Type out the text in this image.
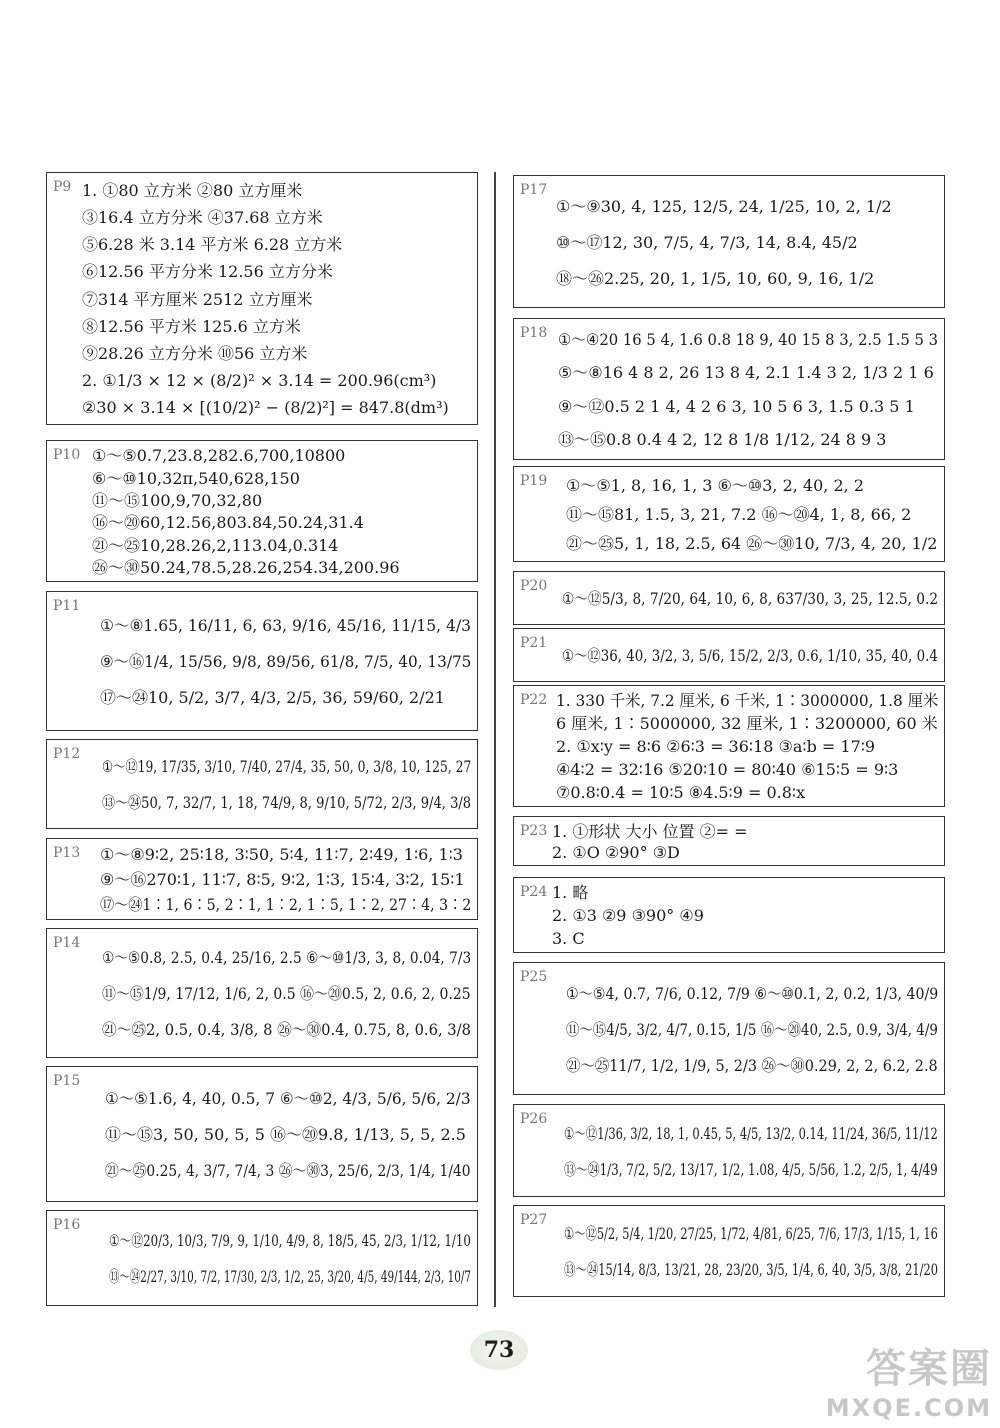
P9 1. ①80 立方米 ②80 立方厘米
③16.4 立方分米 ④37.68 立方米
⑤6.28 米 3.14 平方米 6.28 立方米
⑥12.56 平方分米 12.56 立方分米
⑦314 平方厘米 2512 立方厘米
⑧12.56 平方米 125.6 立方米
⑨28.26 立方分米 ⑩56 立方米
2. ①1/3 × 12 × (8/2)² × 3.14 = 200.96(cm³)
②30 × 3.14 × [(10/2)² − (8/2)²] = 847.8(dm³)
P10 ①～⑤0.7,23.8,282.6,700,10800
⑥～⑩10,32π,540,628,150
⑪～⑮100,9,70,32,80
⑯～⑳60,12.56,803.84,50.24,31.4
㉑～㉕10,28.26,2,113.04,0.314
㉖～㉚50.24,78.5,28.26,254.34,200.96
P11
①～⑧1.65, 16/11, 6, 63, 9/16, 45/16, 11/15, 4/3
⑨～⑯1/4, 15/56, 9/8, 89/56, 61/8, 7/5, 40, 13/75
⑰～㉔10, 5/2, 3/7, 4/3, 2/5, 36, 59/60, 2/21
P12
①～⑫19, 17/35, 3/10, 7/40, 27/4, 35, 50, 0, 3/8, 10, 125, 27
⑬～㉔50, 7, 32/7, 1, 18, 74/9, 8, 9/10, 5/72, 2/3, 9/4, 3/8
P13 ①～⑧9∶2, 25∶18, 3∶50, 5∶4, 11∶7, 2∶49, 1∶6, 1∶3
⑨～⑯270∶1, 11∶7, 8∶5, 9∶2, 1∶3, 15∶4, 3∶2, 15∶1
⑰～㉔1∶1, 6∶5, 2∶1, 1∶2, 1∶5, 1∶2, 27∶4, 3∶2
P14
①～⑤0.8, 2.5, 0.4, 25/16, 2.5 ⑥～⑩1/3, 3, 8, 0.04, 7/3
⑪～⑮1/9, 17/12, 1/6, 2, 0.5 ⑯～⑳0.5, 2, 0.6, 2, 0.25
㉑～㉕2, 0.5, 0.4, 3/8, 8 ㉖～㉚0.4, 0.75, 8, 0.6, 3/8
P15
①～⑤1.6, 4, 40, 0.5, 7 ⑥～⑩2, 4/3, 5/6, 5/6, 2/3
⑪～⑮3, 50, 50, 5, 5 ⑯～⑳9.8, 1/13, 5, 5, 2.5
㉑～㉕0.25, 4, 3/7, 7/4, 3 ㉖～㉚3, 25/6, 2/3, 1/4, 1/40
P16
①～⑫20/3, 10/3, 7/9, 9, 1/10, 4/9, 8, 18/5, 45, 2/3, 1/12, 1/10
⑬～㉔2/27, 3/10, 7/2, 17/30, 2/3, 1/2, 25, 3/20, 4/5, 49/144, 2/3, 10/7
P17
①～⑨30, 4, 125, 12/5, 24, 1/25, 10, 2, 1/2
⑩～⑰12, 30, 7/5, 4, 7/3, 14, 8.4, 45/2
⑱～㉖2.25, 20, 1, 1/5, 10, 60, 9, 16, 1/2
P18 ①～④20 16 5 4, 1.6 0.8 18 9, 40 15 8 3, 2.5 1.5 5 3
⑤～⑧16 4 8 2, 26 13 8 4, 2.1 1.4 3 2, 1/3 2 1 6
⑨～⑫0.5 2 1 4, 4 2 6 3, 10 5 6 3, 1.5 0.3 5 1
⑬～⑮0.8 0.4 4 2, 12 8 1/8 1/12, 24 8 9 3
P19 ①～⑤1, 8, 16, 1, 3 ⑥～⑩3, 2, 40, 2, 2
⑪～⑮81, 1.5, 3, 21, 7.2 ⑯～⑳4, 1, 8, 66, 2
㉑～㉕5, 1, 18, 2.5, 64 ㉖～㉚10, 7/3, 4, 20, 1/2
P20
①～⑫5/3, 8, 7/20, 64, 10, 6, 8, 637/30, 3, 25, 12.5, 0.2
P21
①～⑫36, 40, 3/2, 3, 5/6, 15/2, 2/3, 0.6, 1/10, 35, 40, 0.4
P22 1. 330 千米, 7.2 厘米, 6 千米, 1∶3000000, 1.8 厘米
6 厘米, 1∶5000000, 32 厘米, 1∶3200000, 60 米
2. ①x∶y = 8∶6 ②6∶3 = 36∶18 ③a∶b = 17∶9
④4∶2 = 32∶16 ⑤20∶10 = 80∶40 ⑥15∶5 = 9∶3
⑦0.8∶0.4 = 10∶5 ⑧4.5∶9 = 0.8∶x
P23 1. ①形状 大小 位置 ②= =
2. ①O ②90° ③D
P24 1. 略
2. ①3 ②9 ③90° ④9
3. C
P25
①～⑤4, 0.7, 7/6, 0.12, 7/9 ⑥～⑩0.1, 2, 0.2, 1/3, 40/9
⑪～⑮4/5, 3/2, 4/7, 0.15, 1/5 ⑯～⑳40, 2.5, 0.9, 3/4, 4/9
㉑～㉕11/7, 1/2, 1/9, 5, 2/3 ㉖～㉚0.29, 2, 2, 6.2, 2.8
P26
①～⑫1/36, 3/2, 18, 1, 0.45, 5, 4/5, 13/2, 0.14, 11/24, 36/5, 11/12
⑬～㉔1/3, 7/2, 5/2, 13/17, 1/2, 1.08, 4/5, 5/56, 1.2, 2/5, 1, 4/49
P27
①～⑫5/2, 5/4, 1/20, 27/25, 1/72, 4/81, 6/25, 7/6, 17/3, 1/15, 1, 16
⑬～㉔15/14, 8/3, 13/21, 28, 23/20, 3/5, 1/4, 6, 40, 3/5, 3/8, 21/20
73	答案圈
MXQE.COM
